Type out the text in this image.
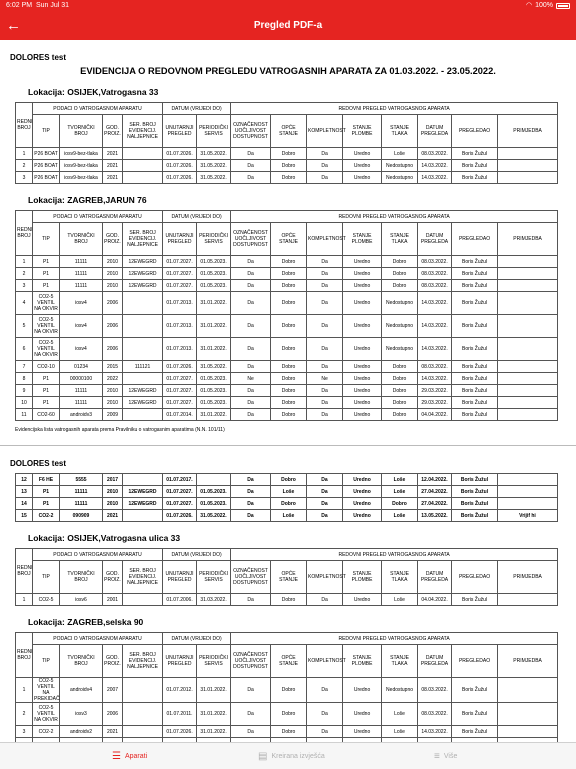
6:02 PM Sun Jul 31	◠ 100%
←	Pregled PDF-a
DOLORES test
EVIDENCIJA O REDOVNOM PREGLEDU VATROGASNIH APARATA ZA 01.03.2022. - 23.05.2022.
Lokacija: OSIJEK,Vatrogasna 33
REDNI BROJ	PODACI O VATROGASNOM APARATU				DATUM (VRIJEDI DO)		REDOVNI PREGLED VATROGASNOG APARATA							
	TIP	TVORNIČKI BROJ	GOD. PROIZ.	SER. BROJ EVIDENCIJ. NALJEPNICE	UNUTARNJI PREGLED	PERIODIČKI SERVIS	OZNAČENOST UOČLJIVOST DOSTUPNOST	OPĆE STANJE	KOMPLETNOST	STANJE PLOMBE	STANJE TLAKA	DATUM PREGLEDA	PREGLEDAO	PRIMJEDBA
1	P26 BOAT	iosv9-bez-tlaka	2021		01.07.2026.	31.05.2022.	Da	Dobro	Da	Uredno	Loše	08.03.2022.	Boris Žužul	
2	P26 BOAT	iosv9-bez-tlaka	2021		01.07.2026.	31.05.2022.	Da	Dobro	Da	Uredno	Nedostupno	14.03.2022.	Boris Žužul	
3	P26 BOAT	iosv9-bez-tlaka	2021		01.07.2026.	31.05.2022.	Da	Dobro	Da	Uredno	Nedostupno	14.03.2022.	Boris Žužul	
Lokacija: ZAGREB,JARUN 76
REDNI BROJ	PODACI O VATROGASNOM APARATU				DATUM (VRIJEDI DO)		REDOVNI PREGLED VATROGASNOG APARATA							
	TIP	TVORNIČKI BROJ	GOD. PROIZ.	SER. BROJ EVIDENCIJ. NALJEPNICE	UNUTARNJI PREGLED	PERIODIČKI SERVIS	OZNAČENOST UOČLJIVOST DOSTUPNOST	OPĆE STANJE	KOMPLETNOST	STANJE PLOMBE	STANJE TLAKA	DATUM PREGLEDA	PREGLEDAO	PRIMJEDBA
1	P1	11111	2010	12EWEGRD	01.07.2027.	01.05.2023.	Da	Dobro	Da	Uredno	Dobro	08.03.2022.	Boris Žužul	
2	P1	11111	2010	12EWEGRD	01.07.2027.	01.05.2023.	Da	Dobro	Da	Uredno	Dobro	08.03.2022.	Boris Žužul	
3	P1	11111	2010	12EWEGRD	01.07.2027.	01.05.2023.	Da	Dobro	Da	Uredno	Dobro	08.03.2022.	Boris Žužul	
4	CO2-5 VENTIL NA OKVIR	iosv4	2006		01.07.2013.	31.01.2022.	Da	Dobro	Da	Uredno	Nedostupno	14.03.2022.	Boris Žužul	
5	CO2-5 VENTIL NA OKVIR	iosv4	2006		01.07.2013.	31.01.2022.	Da	Dobro	Da	Uredno	Nedostupno	14.03.2022.	Boris Žužul	
6	CO2-5 VENTIL NA OKVIR	iosv4	2006		01.07.2013.	31.01.2022.	Da	Dobro	Da	Uredno	Nedostupno	14.03.2022.	Boris Žužul	
7	CO2-10	01234	2015	111121	01.07.2026.	31.05.2022.	Da	Dobro	Da	Uredno	Dobro	08.03.2022.	Boris Žužul	
8	P1	00000100	2022		01.07.2027.	01.05.2023.	Ne	Dobro	Ne	Uredno	Dobro	14.03.2022.	Boris Žužul	
9	P1	11111	2010	12EWEGRD	01.07.2027.	01.05.2023.	Da	Dobro	Da	Uredno	Dobro	29.03.2022.	Boris Žužul	
10	P1	11111	2010	12EWEGRD	01.07.2027.	01.05.2023.	Da	Dobro	Da	Uredno	Dobro	29.03.2022.	Boris Žužul	
11	CO2-60	androidv3	2009		01.07.2014.	31.01.2022.	Da	Dobro	Da	Uredno	Dobro	04.04.2022.	Boris Žužul	
Evidencijska lista vatrogasnih aparata prema Pravilniku o vatrogasnim aparatima (N.N. 101/11)
DOLORES test
12	F6 HE	5555	2017		01.07.2017.		Da	Dobro	Da	Uredno	Loše	12.04.2022.	Boris Žužul	
13	P1	11111	2010	12EWEGRD	01.07.2027.	01.05.2023.	Da	Loše	Da	Uredno	Loše	27.04.2022.	Boris Žužul	
14	P1	11111	2010	12EWEGRD	01.07.2027.	01.05.2023.	Da	Dobro	Da	Uredno	Dobro	27.04.2022.	Boris Žužul	
15	CO2-2	090909	2021		01.07.2026.	31.05.2022.	Da	Loše	Da	Uredno	Loše	13.05.2022.	Boris Žužul	Vrijif hi
Lokacija: OSIJEK,Vatrogasna ulica 33
REDNI BROJ	PODACI O VATROGASNOM APARATU				DATUM (VRIJEDI DO)		REDOVNI PREGLED VATROGASNOG APARATA							
	TIP	TVORNIČKI BROJ	GOD. PROIZ.	SER. BROJ EVIDENCIJ. NALJEPNICE	UNUTARNJI PREGLED	PERIODIČKI SERVIS	OZNAČENOST UOČLJIVOST DOSTUPNOST	OPĆE STANJE	KOMPLETNOST	STANJE PLOMBE	STANJE TLAKA	DATUM PREGLEDA	PREGLEDAO	PRIMJEDBA
1	CO2-5	iosv6	2001		01.07.2006.	31.03.2022.	Da	Dobro	Da	Uredno	Loše	04.04.2022.	Boris Žužul	
Lokacija: ZAGREB,selska 90
REDNI BROJ	PODACI O VATROGASNOM APARATU				DATUM (VRIJEDI DO)		REDOVNI PREGLED VATROGASNOG APARATA							
	TIP	TVORNIČKI BROJ	GOD. PROIZ.	SER. BROJ EVIDENCIJ. NALJEPNICE	UNUTARNJI PREGLED	PERIODIČKI SERVIS	OZNAČENOST UOČLJIVOST DOSTUPNOST	OPĆE STANJE	KOMPLETNOST	STANJE PLOMBE	STANJE TLAKA	DATUM PREGLEDA	PREGLEDAO	PRIMJEDBA
1	CO2-5 VENTIL NA PREKIDAČ	androidv4	2007		01.07.2012.	31.01.2022.	Da	Dobro	Da	Uredno	Nedostupno	08.03.2022.	Boris Žužul	
2	CO2-5 VENTIL NA OKVIR	iosv3	2006		01.07.2011.	31.01.2022.	Da	Dobro	Da	Uredno	Loše	08.03.2022.	Boris Žužul	
3	CO2-2	androidv2	2021		01.07.2026.	31.01.2022.	Da	Dobro	Da	Uredno	Loše	14.03.2022.	Boris Žužul	

☰ Aparati	▤ Kreirana izvješća	≡ Više
